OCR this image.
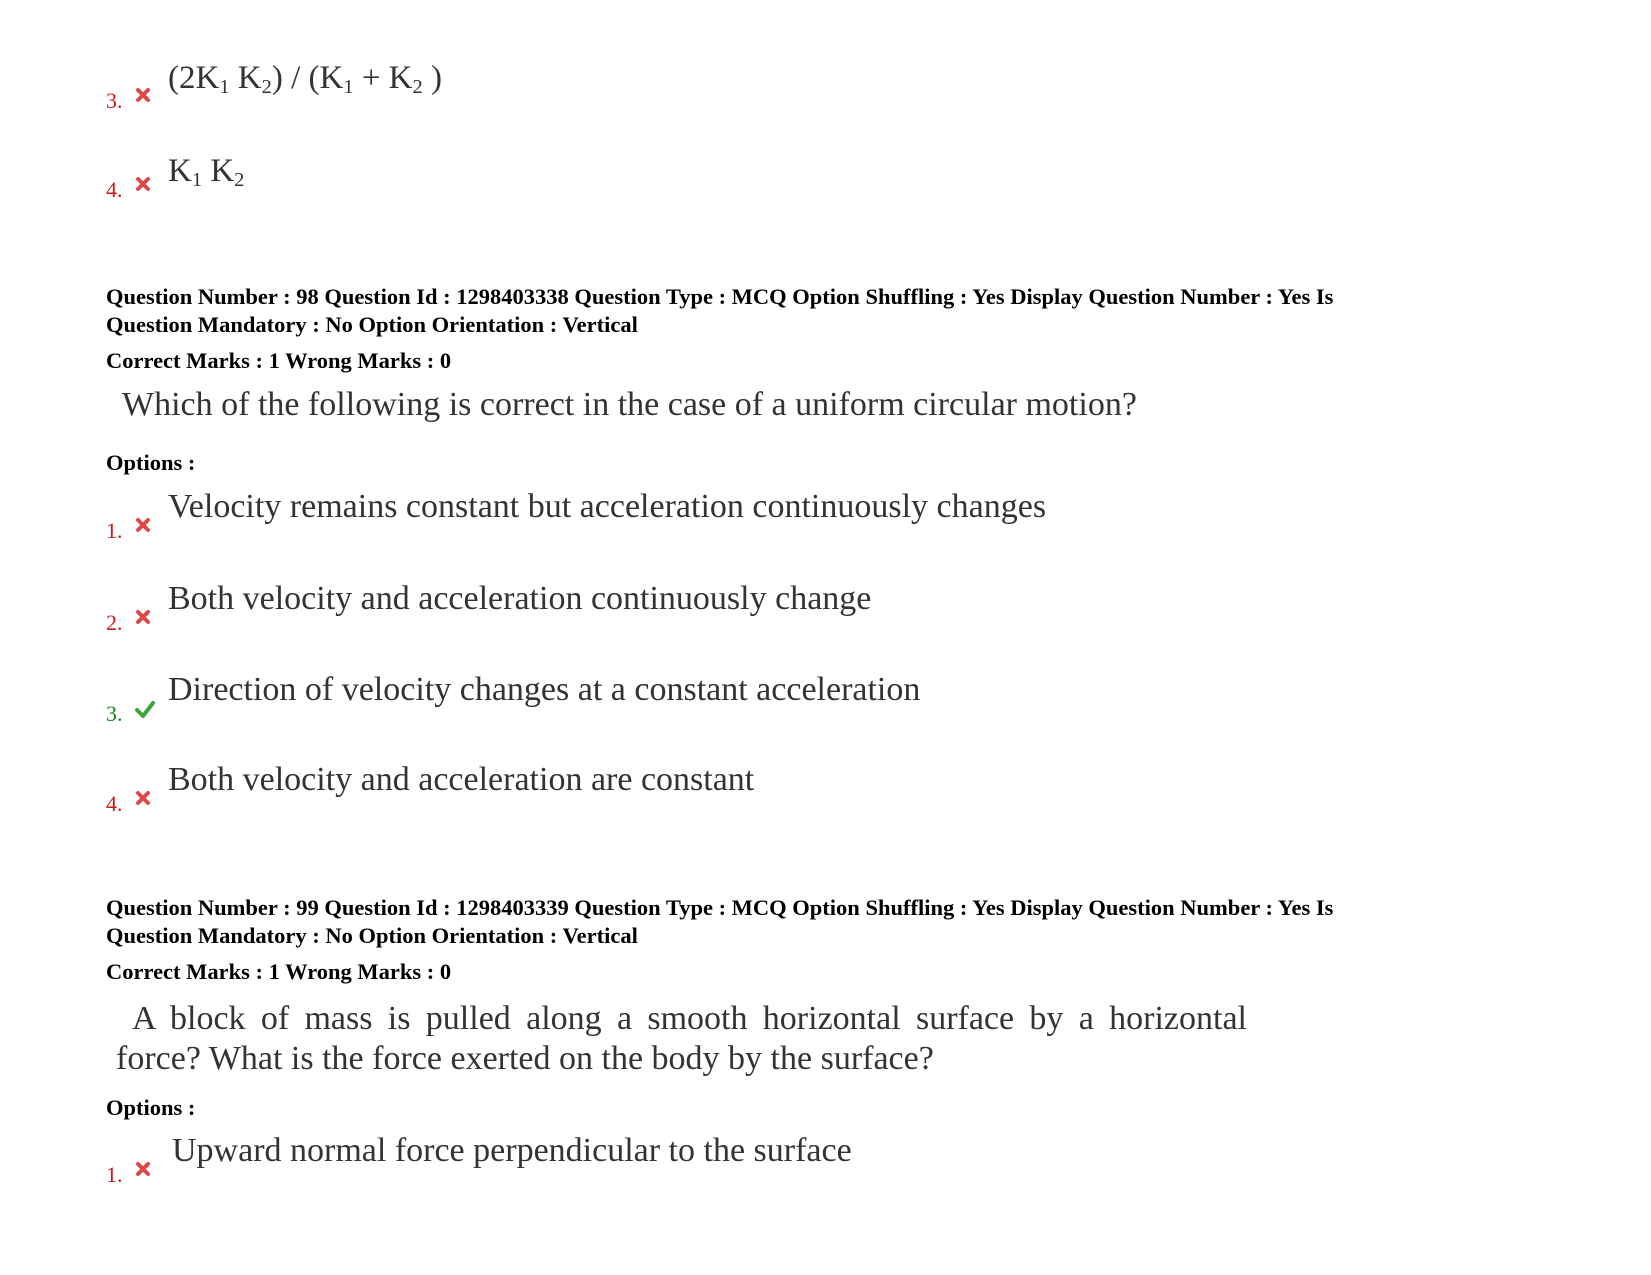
3.
($2K_1$ $K_2) / (K_1 + K_2$ )
4.
$K_1$ $K_2$
Question Number : 98 Question Id : 1298403338 Question Type : MCQ Option Shuffling : Yes Display Question Number : Yes Is
Question Mandatory : No Option Orientation : Vertical
Correct Marks : 1 Wrong Marks : 0
Which of the following is correct in the case of a uniform circular motion?
Options :
1.
Velocity remains constant but acceleration continuously changes
2.
Both velocity and acceleration continuously change
3.
Direction of velocity changes at a constant acceleration
4.
Both velocity and acceleration are constant
Question Number : 99 Question Id : 1298403339 Question Type : MCQ Option Shuffling : Yes Display Question Number : Yes Is
Question Mandatory : No Option Orientation : Vertical
Correct Marks : 1 Wrong Marks : 0
A block of mass is pulled along a smooth horizontal surface by a horizontal
force? What is the force exerted on the body by the surface?
Options :
1.
Upward normal force perpendicular to the surface
